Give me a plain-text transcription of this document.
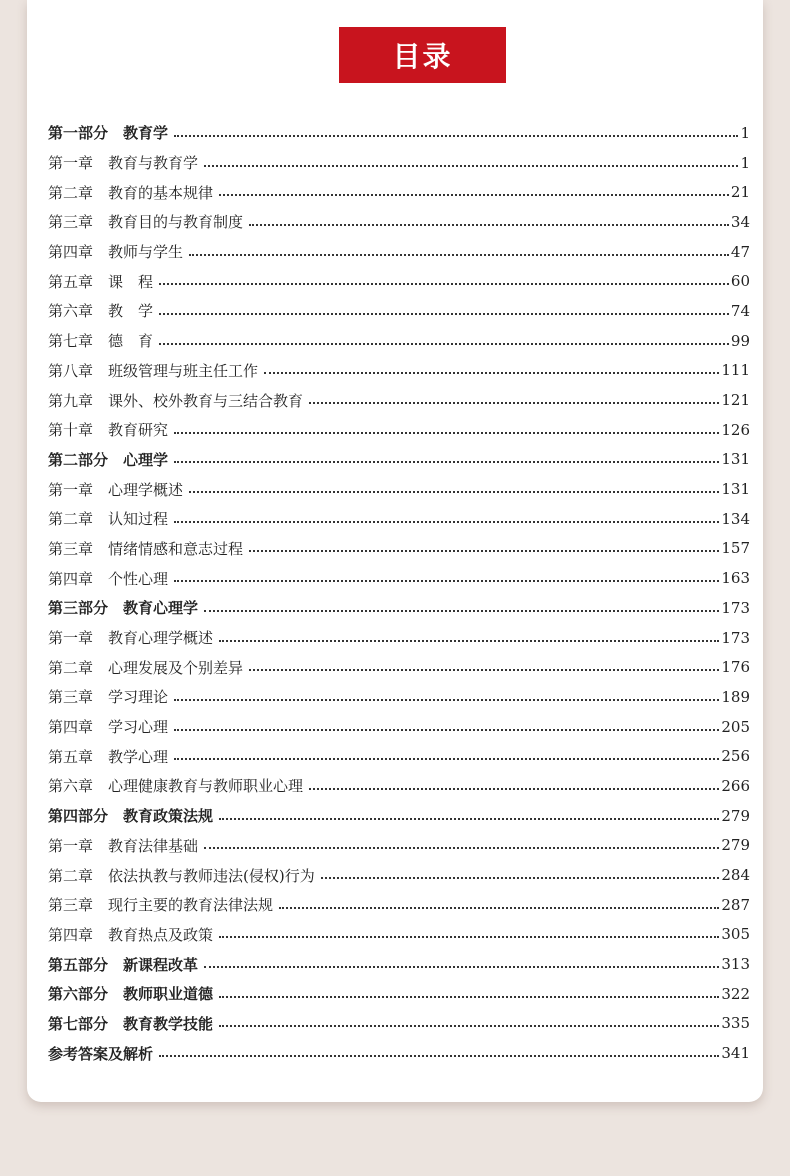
目录
第一部分　教育学	1
第一章　教育与教育学	1
第二章　教育的基本规律	21
第三章　教育目的与教育制度	34
第四章　教师与学生	47
第五章　课　程	60
第六章　教　学	74
第七章　德　育	99
第八章　班级管理与班主任工作	111
第九章　课外、校外教育与三结合教育	121
第十章　教育研究	126
第二部分　心理学	131
第一章　心理学概述	131
第二章　认知过程	134
第三章　情绪情感和意志过程	157
第四章　个性心理	163
第三部分　教育心理学	173
第一章　教育心理学概述	173
第二章　心理发展及个别差异	176
第三章　学习理论	189
第四章　学习心理	205
第五章　教学心理	256
第六章　心理健康教育与教师职业心理	266
第四部分　教育政策法规	279
第一章　教育法律基础	279
第二章　依法执教与教师违法(侵权)行为	284
第三章　现行主要的教育法律法规	287
第四章　教育热点及政策	305
第五部分　新课程改革	313
第六部分　教师职业道德	322
第七部分　教育教学技能	335
参考答案及解析	341
